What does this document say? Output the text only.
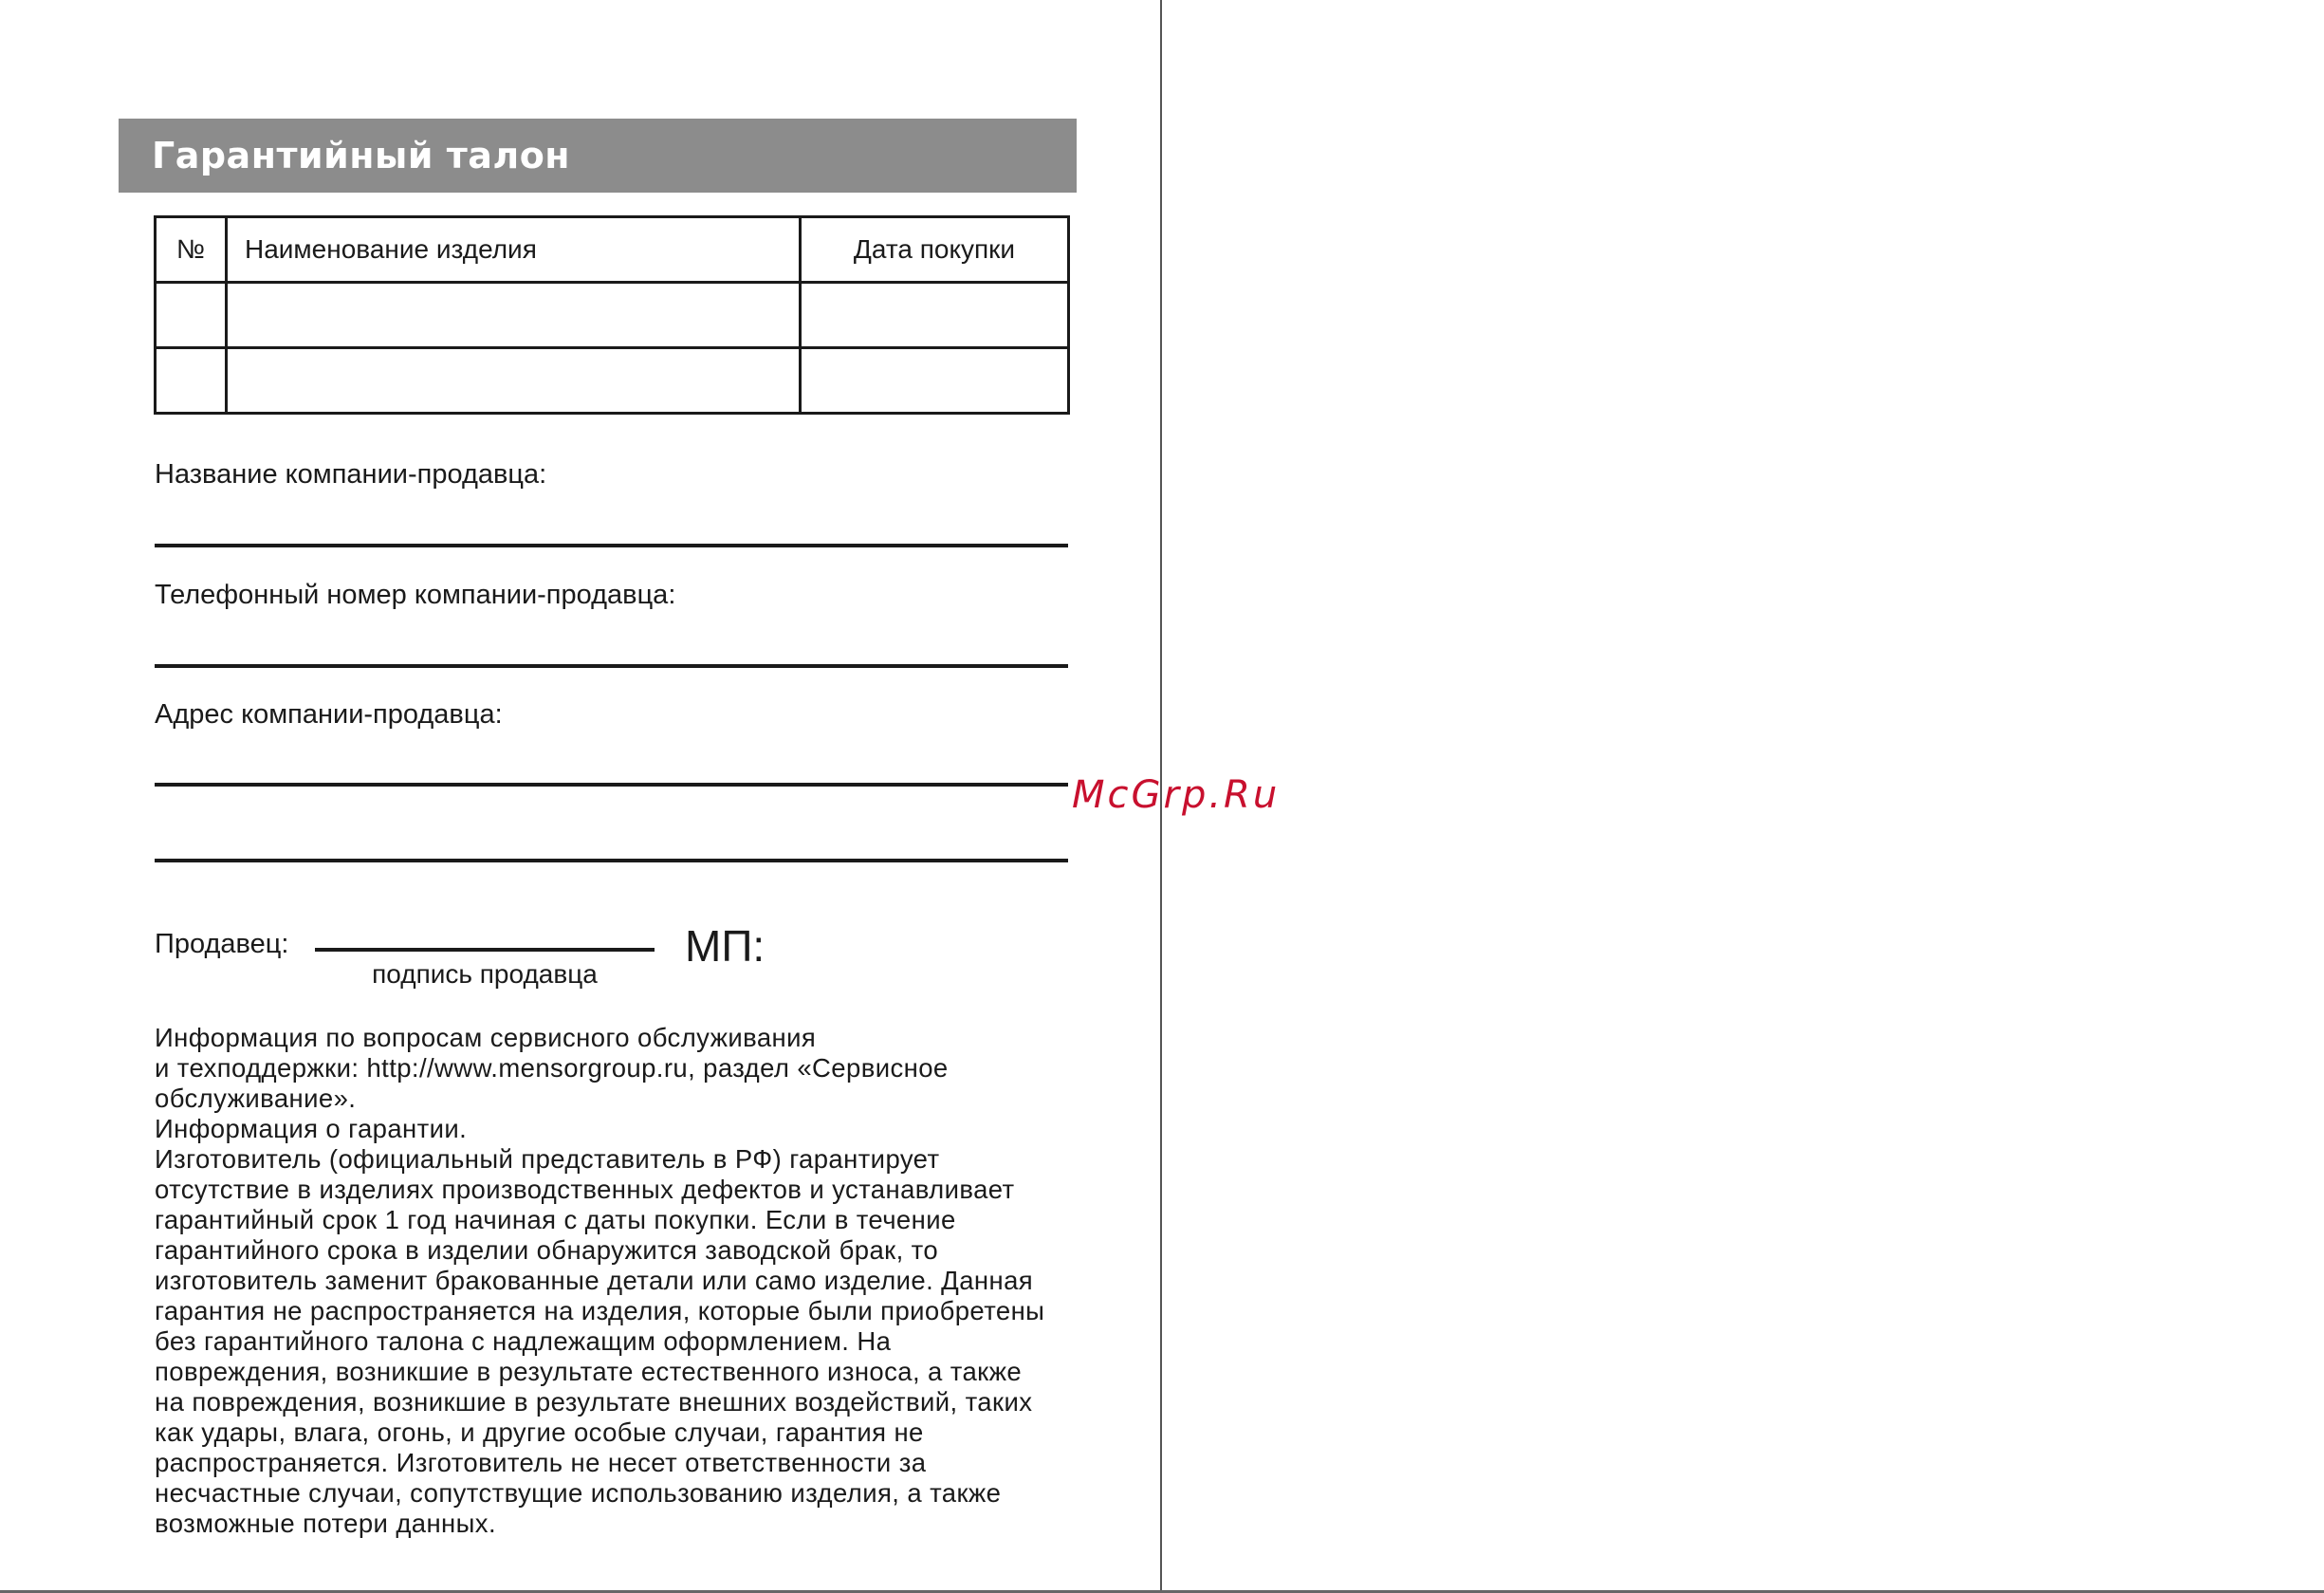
Гарантийный талон
№	Наименование изделия	Дата покупки

Название компании-продавца:
Телефонный номер компании-продавца:
Адрес компании-продавца:
Продавец:
подпись продавца
МП:
McGrp.Ru

Информация по вопросам сервисного обслуживания

и техподдержки: http://www.mensorgroup.ru, раздел «Сервисное

обслуживание».

Информация о гарантии.

Изготовитель (официальный представитель в РФ) гарантирует

отсутствие в изделиях производственных дефектов и устанавливает

гарантийный срок 1 год начиная с даты покупки. Если в течение

гарантийного срока в изделии обнаружится заводской брак, то

изготовитель заменит бракованные детали или само изделие. Данная

гарантия не распространяется на изделия, которые были приобретены

без гарантийного талона с надлежащим оформлением. На

повреждения, возникшие в результате естественного износа, а также

на повреждения, возникшие в результате внешних воздействий, таких

как удары, влага, огонь, и другие особые случаи, гарантия не

распространяется. Изготовитель не несет ответственности за

несчастные случаи, сопутствущие использованию изделия, а также

возможные потери данных.
